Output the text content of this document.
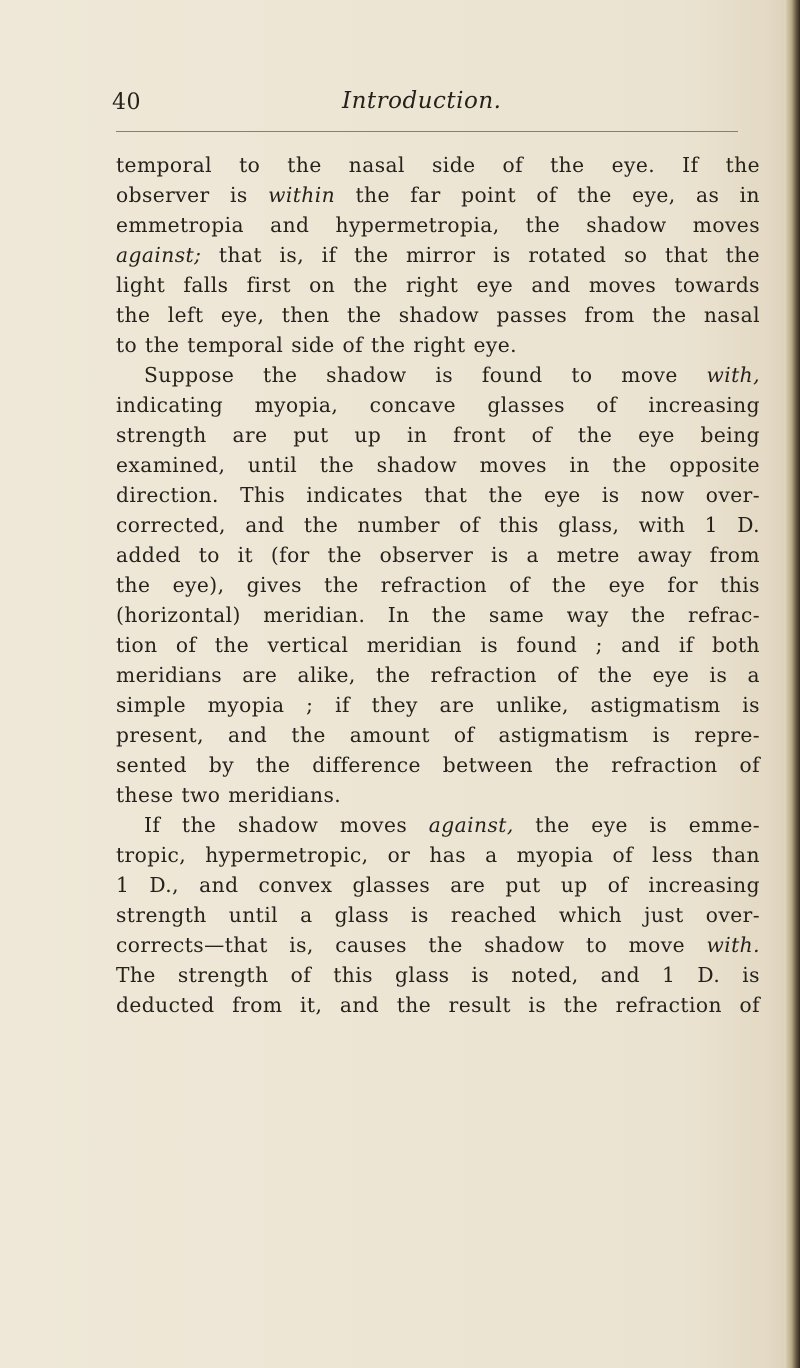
40	Introduction.
temporal to the nasal side of the eye. If the
observer is within the far point of the eye, as in
emmetropia and hypermetropia, the shadow moves
against; that is, if the mirror is rotated so that the
light falls first on the right eye and moves towards
the left eye, then the shadow passes from the nasal
to the temporal side of the right eye.
Suppose the shadow is found to move with,
indicating myopia, concave glasses of increasing
strength are put up in front of the eye being
examined, until the shadow moves in the opposite
direction. This indicates that the eye is now over-
corrected, and the number of this glass, with 1 D.
added to it (for the observer is a metre away from
the eye), gives the refraction of the eye for this
(horizontal) meridian. In the same way the refrac-
tion of the vertical meridian is found ; and if both
meridians are alike, the refraction of the eye is a
simple myopia ; if they are unlike, astigmatism is
present, and the amount of astigmatism is repre-
sented by the difference between the refraction of
these two meridians.
If the shadow moves against, the eye is emme-
tropic, hypermetropic, or has a myopia of less than
1 D., and convex glasses are put up of increasing
strength until a glass is reached which just over-
corrects—that is, causes the shadow to move with.
The strength of this glass is noted, and 1 D. is
deducted from it, and the result is the refraction of
